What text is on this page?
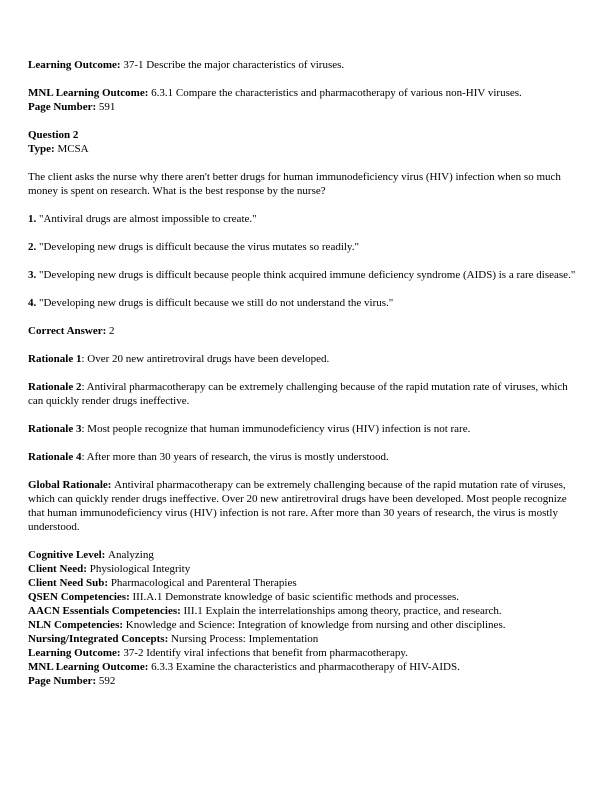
Learning Outcome: 37-1 Describe the major characteristics of viruses.

MNL Learning Outcome: 6.3.1 Compare the characteristics and pharmacotherapy of various non-HIV viruses.

Page Number: 591

Question 2

Type: MCSA

The client asks the nurse why there aren't better drugs for human immunodeficiency virus (HIV) infection when so much money is spent on research. What is the best response by the nurse?

1. "Antiviral drugs are almost impossible to create."

2. "Developing new drugs is difficult because the virus mutates so readily."

3. "Developing new drugs is difficult because people think acquired immune deficiency syndrome (AIDS) is a rare disease."

4. "Developing new drugs is difficult because we still do not understand the virus."

Correct Answer: 2

Rationale 1: Over 20 new antiretroviral drugs have been developed.

Rationale 2: Antiviral pharmacotherapy can be extremely challenging because of the rapid mutation rate of viruses, which can quickly render drugs ineffective.

Rationale 3: Most people recognize that human immunodeficiency virus (HIV) infection is not rare.

Rationale 4: After more than 30 years of research, the virus is mostly understood.

Global Rationale: Antiviral pharmacotherapy can be extremely challenging because of the rapid mutation rate of viruses, which can quickly render drugs ineffective. Over 20 new antiretroviral drugs have been developed. Most people recognize that human immunodeficiency virus (HIV) infection is not rare. After more than 30 years of research, the virus is mostly understood.

Cognitive Level: Analyzing

Client Need: Physiological Integrity

Client Need Sub: Pharmacological and Parenteral Therapies

QSEN Competencies: III.A.1 Demonstrate knowledge of basic scientific methods and processes.

AACN Essentials Competencies: III.1 Explain the interrelationships among theory, practice, and research.

NLN Competencies: Knowledge and Science: Integration of knowledge from nursing and other disciplines.

Nursing/Integrated Concepts: Nursing Process: Implementation

Learning Outcome: 37-2 Identify viral infections that benefit from pharmacotherapy.

MNL Learning Outcome: 6.3.3 Examine the characteristics and pharmacotherapy of HIV-AIDS.

Page Number: 592
